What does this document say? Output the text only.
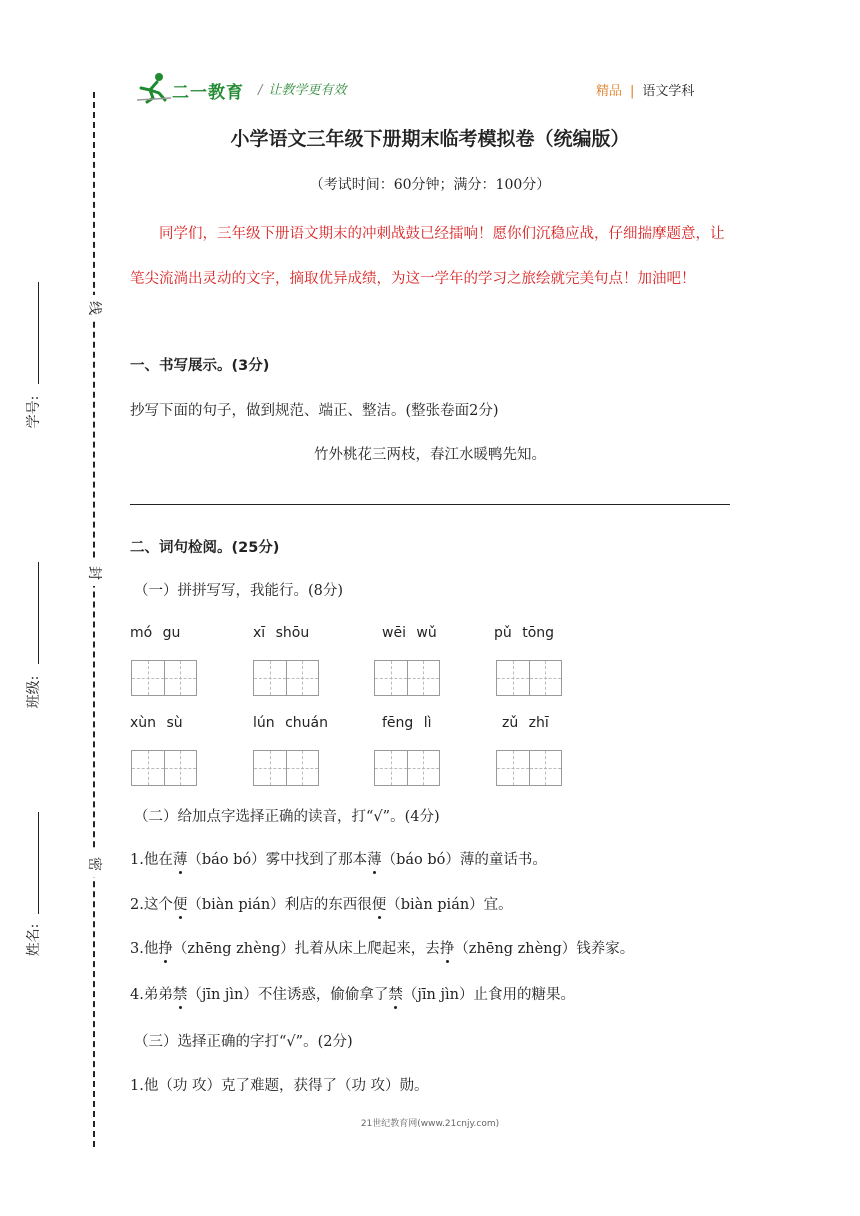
二一教育 / 让教学更有效	精品 | 语文学科
线
封
密
学号:
班级:
姓名:
小学语文三年级下册期末临考模拟卷（统编版）
（考试时间：60分钟；满分：100分）
同学们，三年级下册语文期末的冲刺战鼓已经擂响！愿你们沉稳应战，仔细揣摩题意，让笔尖流淌出灵动的文字，摘取优异成绩，为这一学年的学习之旅绘就完美句点！加油吧！
一、书写展示。(3分)
抄写下面的句子，做到规范、端正、整洁。(整张卷面2分)
竹外桃花三两枝，春江水暖鸭先知。
二、词句检阅。(25分)
（一）拼拼写写，我能行。(8分)
mó gu	xī shōu	wēi wǔ	pǔ tōng
xùn sù	lún chuán	fēng lì	zǔ zhī
（二）给加点字选择正确的读音，打“√”。(4分)
1.他在薄（báo bó）雾中找到了那本薄（báo bó）薄的童话书。
2.这个便（biàn pián）利店的东西很便（biàn pián）宜。
3.他挣（zhēng zhèng）扎着从床上爬起来，去挣（zhēng zhèng）钱养家。
4.弟弟禁（jīn jìn）不住诱惑，偷偷拿了禁（jīn jìn）止食用的糖果。
（三）选择正确的字打“√”。(2分)
1.他（功 攻）克了难题，获得了（功 攻）勋。
21世纪教育网(www.21cnjy.com)
